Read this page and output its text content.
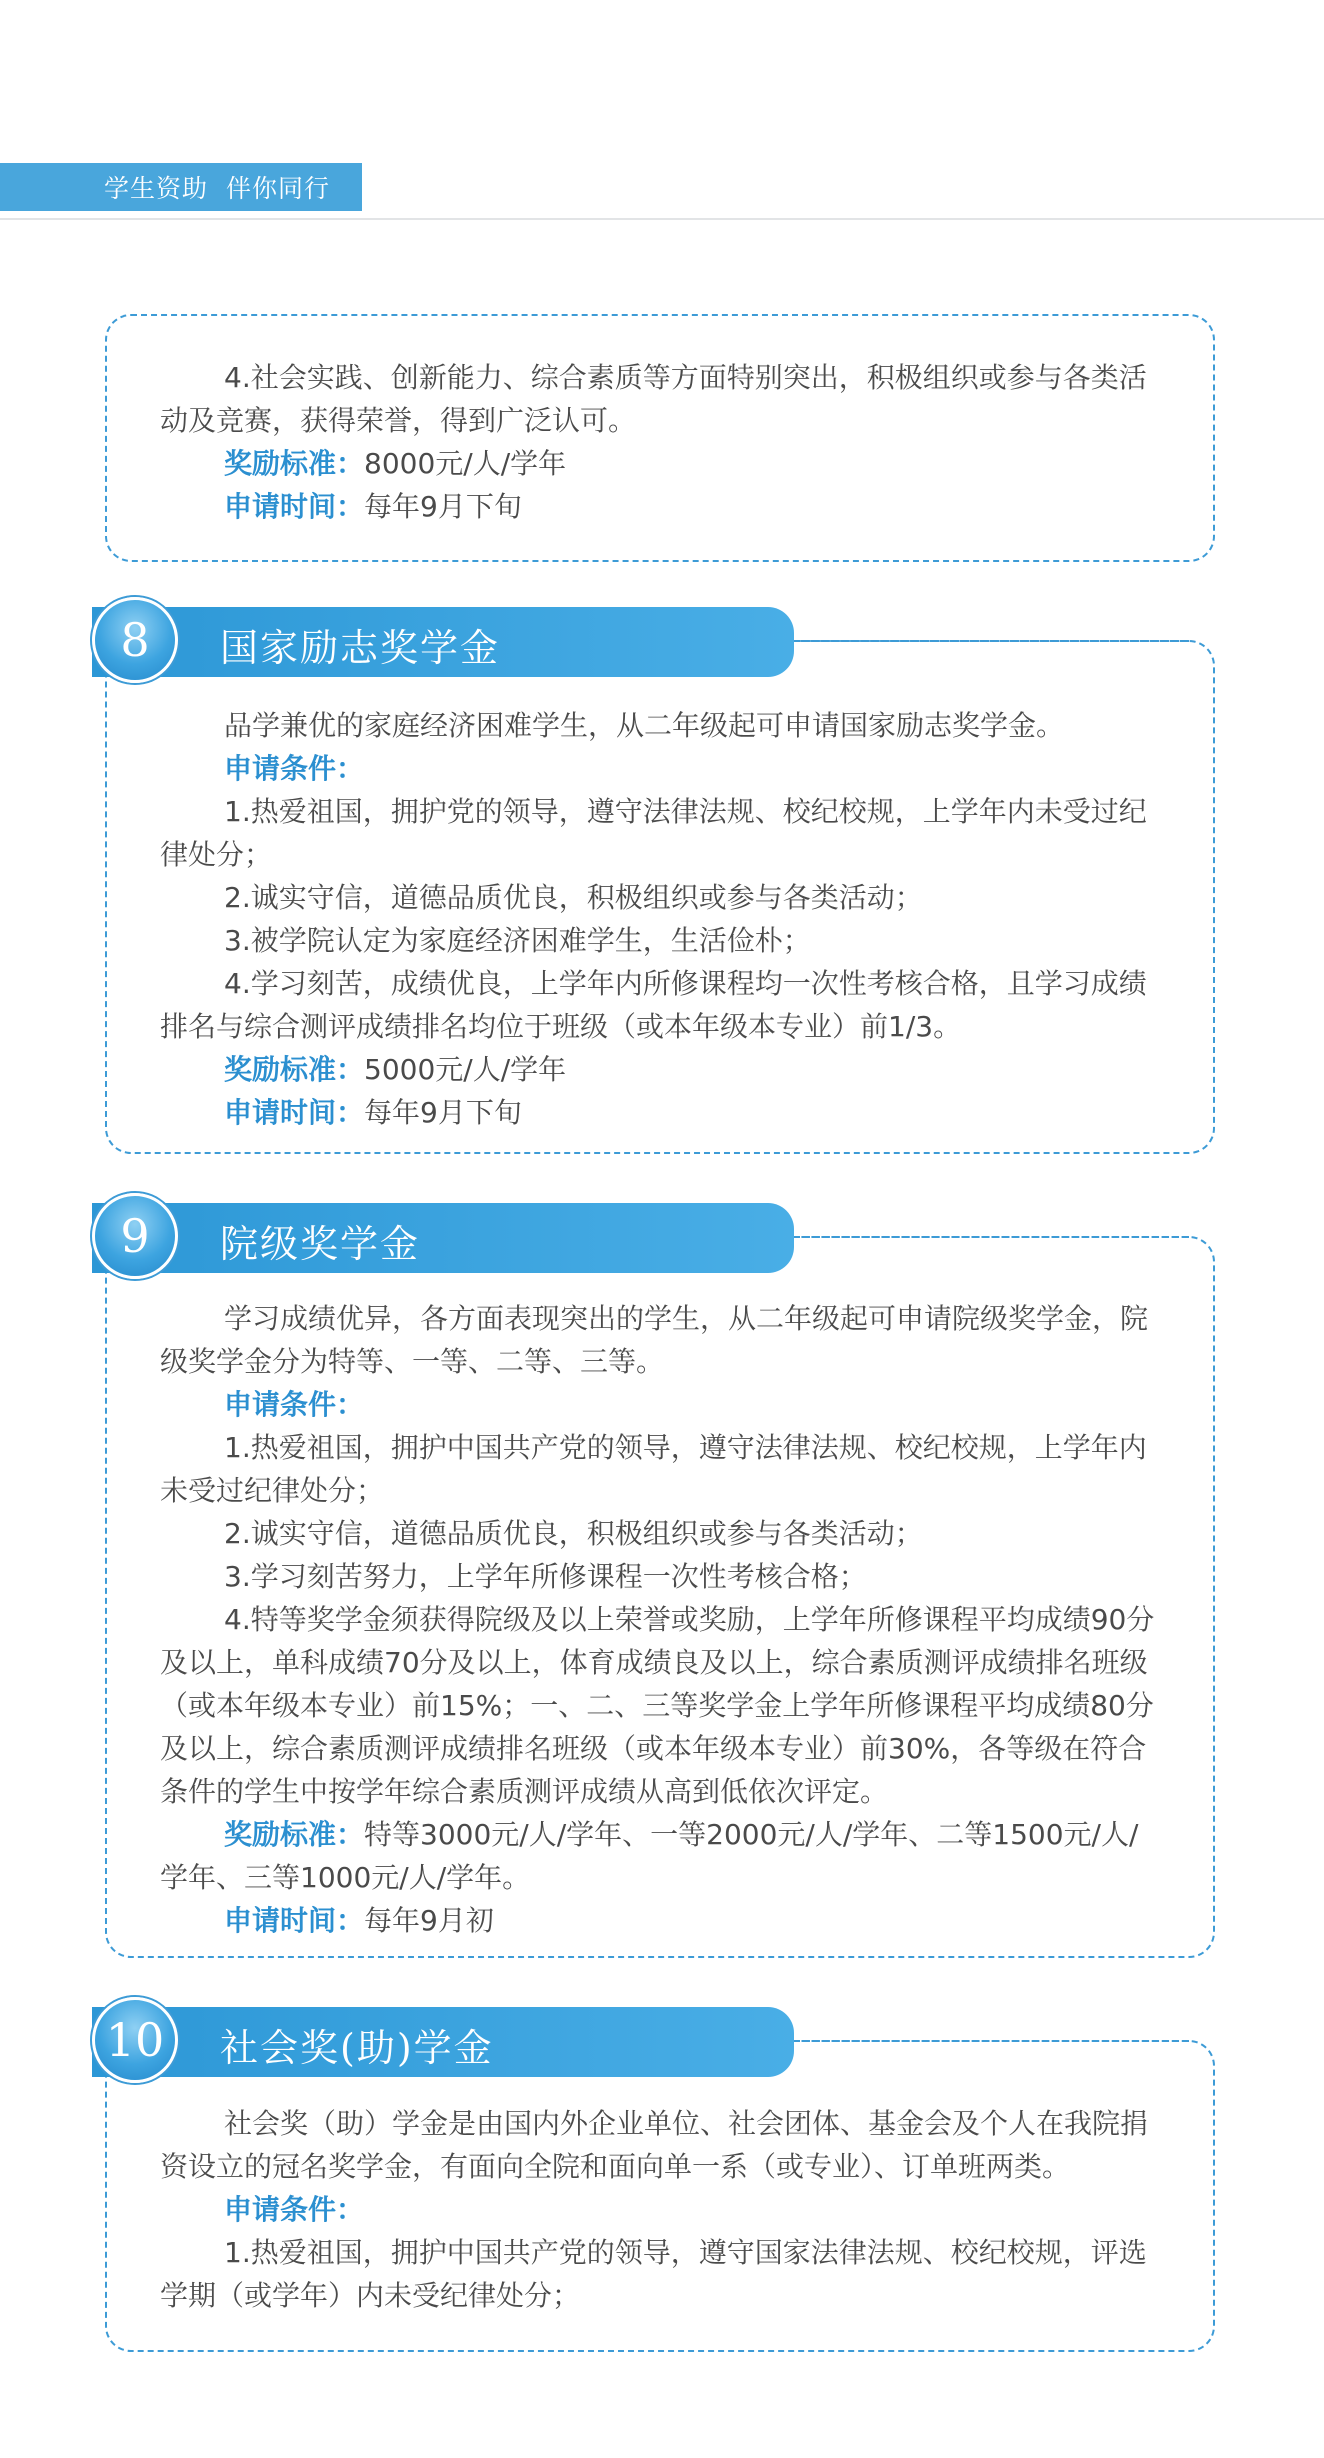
学生资助 伴你同行

4.社会实践、创新能力、综合素质等方面特别突出，积极组织或参与各类活动及竞赛，获得荣誉，得到广泛认可。

奖励标准：8000元/人/学年

申请时间：每年9月下旬

8 国家励志奖学金

品学兼优的家庭经济困难学生，从二年级起可申请国家励志奖学金。

申请条件：

1.热爱祖国，拥护党的领导，遵守法律法规、校纪校规，上学年内未受过纪律处分；

2.诚实守信，道德品质优良，积极组织或参与各类活动；

3.被学院认定为家庭经济困难学生，生活俭朴；

4.学习刻苦，成绩优良，上学年内所修课程均一次性考核合格，且学习成绩排名与综合测评成绩排名均位于班级（或本年级本专业）前1/3。

奖励标准：5000元/人/学年

申请时间：每年9月下旬

9 院级奖学金

学习成绩优异，各方面表现突出的学生，从二年级起可申请院级奖学金，院级奖学金分为特等、一等、二等、三等。

申请条件：

1.热爱祖国，拥护中国共产党的领导，遵守法律法规、校纪校规，上学年内未受过纪律处分；

2.诚实守信，道德品质优良，积极组织或参与各类活动；

3.学习刻苦努力，上学年所修课程一次性考核合格；

4.特等奖学金须获得院级及以上荣誉或奖励，上学年所修课程平均成绩90分及以上，单科成绩70分及以上，体育成绩良及以上，综合素质测评成绩排名班级（或本年级本专业）前15%；一、二、三等奖学金上学年所修课程平均成绩80分及以上，综合素质测评成绩排名班级（或本年级本专业）前30%，各等级在符合条件的学生中按学年综合素质测评成绩从高到低依次评定。

奖励标准：特等3000元/人/学年、一等2000元/人/学年、二等1500元/人/学年、三等1000元/人/学年。

申请时间：每年9月初

10 社会奖(助)学金

社会奖（助）学金是由国内外企业单位、社会团体、基金会及个人在我院捐资设立的冠名奖学金，有面向全院和面向单一系（或专业）、订单班两类。

申请条件：

1.热爱祖国，拥护中国共产党的领导，遵守国家法律法规、校纪校规，评选学期（或学年）内未受纪律处分；
